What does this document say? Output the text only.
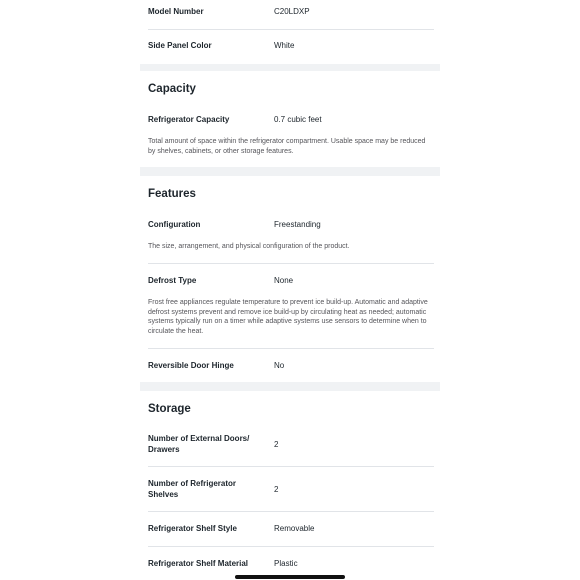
Model Number	C20LDXP
Side Panel Color	White
Capacity
Refrigerator Capacity	0.7 cubic feet
Total amount of space within the refrigerator compartment. Usable space may be reduced by shelves, cabinets, or other storage features.
Features
Configuration	Freestanding
The size, arrangement, and physical configuration of the product.
Defrost Type	None
Frost free appliances regulate temperature to prevent ice build-up. Automatic and adaptive defrost systems prevent and remove ice build-up by circulating heat as needed; automatic systems typically run on a timer while adaptive systems use sensors to determine when to circulate the heat.
Reversible Door Hinge	No
Storage
Number of External Doors/ Drawers	2
Number of Refrigerator Shelves	2
Refrigerator Shelf Style	Removable
Refrigerator Shelf Material	Plastic
